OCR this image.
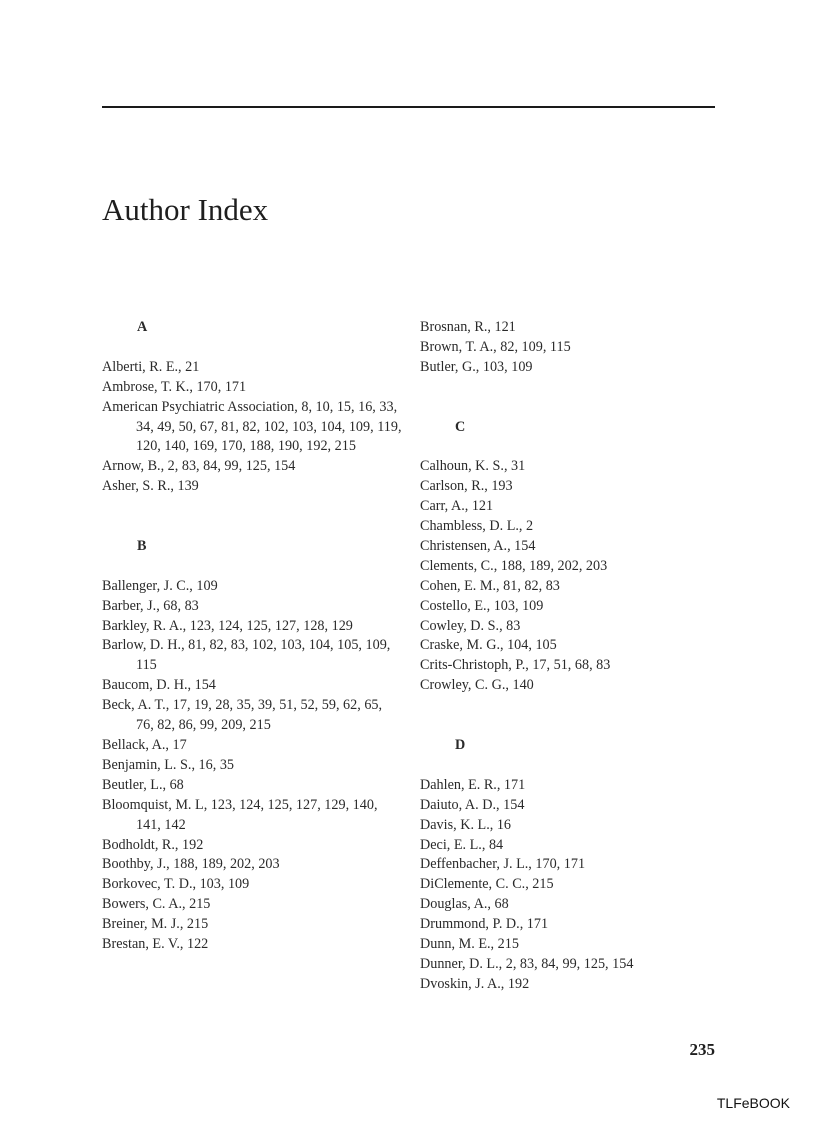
Author Index
A
Alberti, R. E., 21
Ambrose, T. K., 170, 171
American Psychiatric Association, 8, 10, 15, 16, 33, 34, 49, 50, 67, 81, 82, 102, 103, 104, 109, 119, 120, 140, 169, 170, 188, 190, 192, 215
Arnow, B., 2, 83, 84, 99, 125, 154
Asher, S. R., 139
B
Ballenger, J. C., 109
Barber, J., 68, 83
Barkley, R. A., 123, 124, 125, 127, 128, 129
Barlow, D. H., 81, 82, 83, 102, 103, 104, 105, 109, 115
Baucom, D. H., 154
Beck, A. T., 17, 19, 28, 35, 39, 51, 52, 59, 62, 65, 76, 82, 86, 99, 209, 215
Bellack, A., 17
Benjamin, L. S., 16, 35
Beutler, L., 68
Bloomquist, M. L, 123, 124, 125, 127, 129, 140, 141, 142
Bodholdt, R., 192
Boothby, J., 188, 189, 202, 203
Borkovec, T. D., 103, 109
Bowers, C. A., 215
Breiner, M. J., 215
Brestan, E. V., 122
Brosnan, R., 121
Brown, T. A., 82, 109, 115
Butler, G., 103, 109
C
Calhoun, K. S., 31
Carlson, R., 193
Carr, A., 121
Chambless, D. L., 2
Christensen, A., 154
Clements, C., 188, 189, 202, 203
Cohen, E. M., 81, 82, 83
Costello, E., 103, 109
Cowley, D. S., 83
Craske, M. G., 104, 105
Crits-Christoph, P., 17, 51, 68, 83
Crowley, C. G., 140
D
Dahlen, E. R., 171
Daiuto, A. D., 154
Davis, K. L., 16
Deci, E. L., 84
Deffenbacher, J. L., 170, 171
DiClemente, C. C., 215
Douglas, A., 68
Drummond, P. D., 171
Dunn, M. E., 215
Dunner, D. L., 2, 83, 84, 99, 125, 154
Dvoskin, J. A., 192
235
TLFeBOOK
